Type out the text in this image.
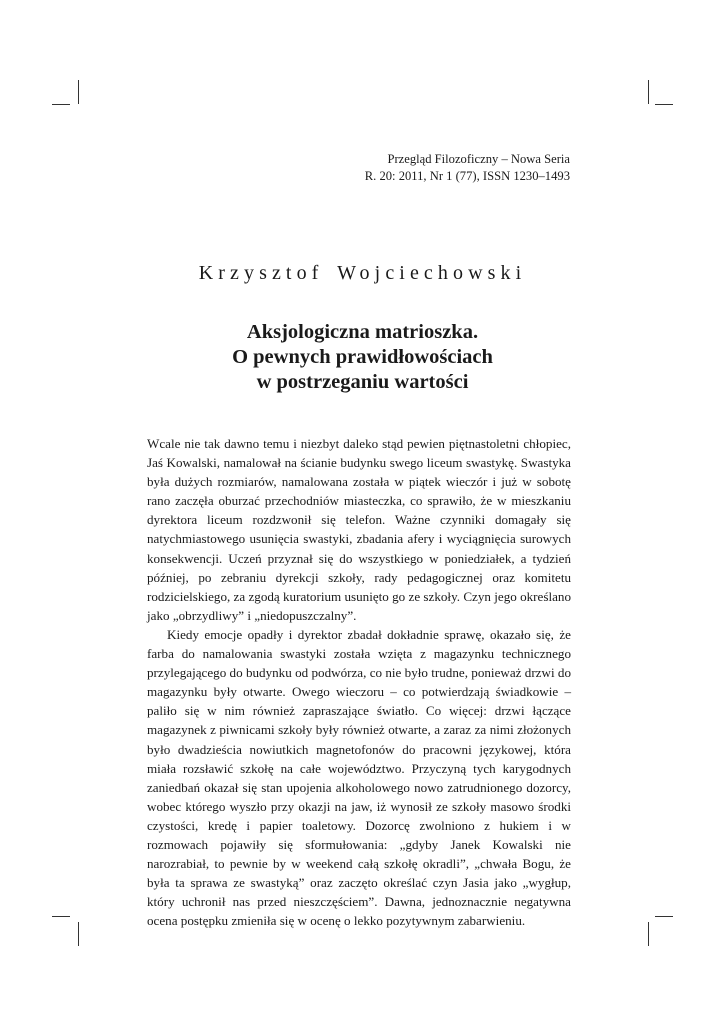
Przegląd Filozoficzny – Nowa Seria
R. 20: 2011, Nr 1 (77), ISSN 1230–1493
Krzysztof Wojciechowski
Aksjologiczna matrioszka.
O pewnych prawidłowościach
w postrzeganiu wartości

Wcale nie tak dawno temu i niezbyt daleko stąd pewien piętnastoletni chłopiec, Jaś Kowalski, namalował na ścianie budynku swego liceum swastykę. Swastyka była dużych rozmiarów, namalowana została w piątek wieczór i już w sobotę rano zaczęła oburzać przechodniów miasteczka, co sprawiło, że w mieszkaniu dyrektora liceum rozdzwonił się telefon. Ważne czynniki domagały się natychmiastowego usunięcia swastyki, zbadania afery i wyciągnięcia surowych konsekwencji. Uczeń przyznał się do wszystkiego w poniedziałek, a tydzień później, po zebraniu dyrekcji szkoły, rady pedagogicznej oraz komitetu rodzicielskiego, za zgodą kuratorium usunięto go ze szkoły. Czyn jego określano jako „obrzydliwy” i „niedopuszczalny”.

Kiedy emocje opadły i dyrektor zbadał dokładnie sprawę, okazało się, że farba do namalowania swastyki została wzięta z magazynku technicznego przylegającego do budynku od podwórza, co nie było trudne, ponieważ drzwi do magazynku były otwarte. Owego wieczoru – co potwierdzają świadkowie – paliło się w nim również zapraszające światło. Co więcej: drzwi łączące magazynek z piwnicami szkoły były również otwarte, a zaraz za nimi złożonych było dwadzieścia nowiutkich magnetofonów do pracowni językowej, która miała rozsławić szkołę na całe województwo. Przyczyną tych karygodnych zaniedbań okazał się stan upojenia alkoholowego nowo zatrudnionego dozorcy, wobec którego wyszło przy okazji na jaw, iż wynosił ze szkoły masowo środki czystości, kredę i papier toaletowy. Dozorcę zwolniono z hukiem i w rozmowach pojawiły się sformułowania: „gdyby Janek Kowalski nie narozrabiał, to pewnie by w weekend całą szkołę okradli”, „chwała Bogu, że była ta sprawa ze swastyką” oraz zaczęto określać czyn Jasia jako „wygłup, który uchronił nas przed nieszczęściem”. Dawna, jednoznacznie negatywna ocena postępku zmieniła się w ocenę o lekko pozytywnym zabarwieniu.
